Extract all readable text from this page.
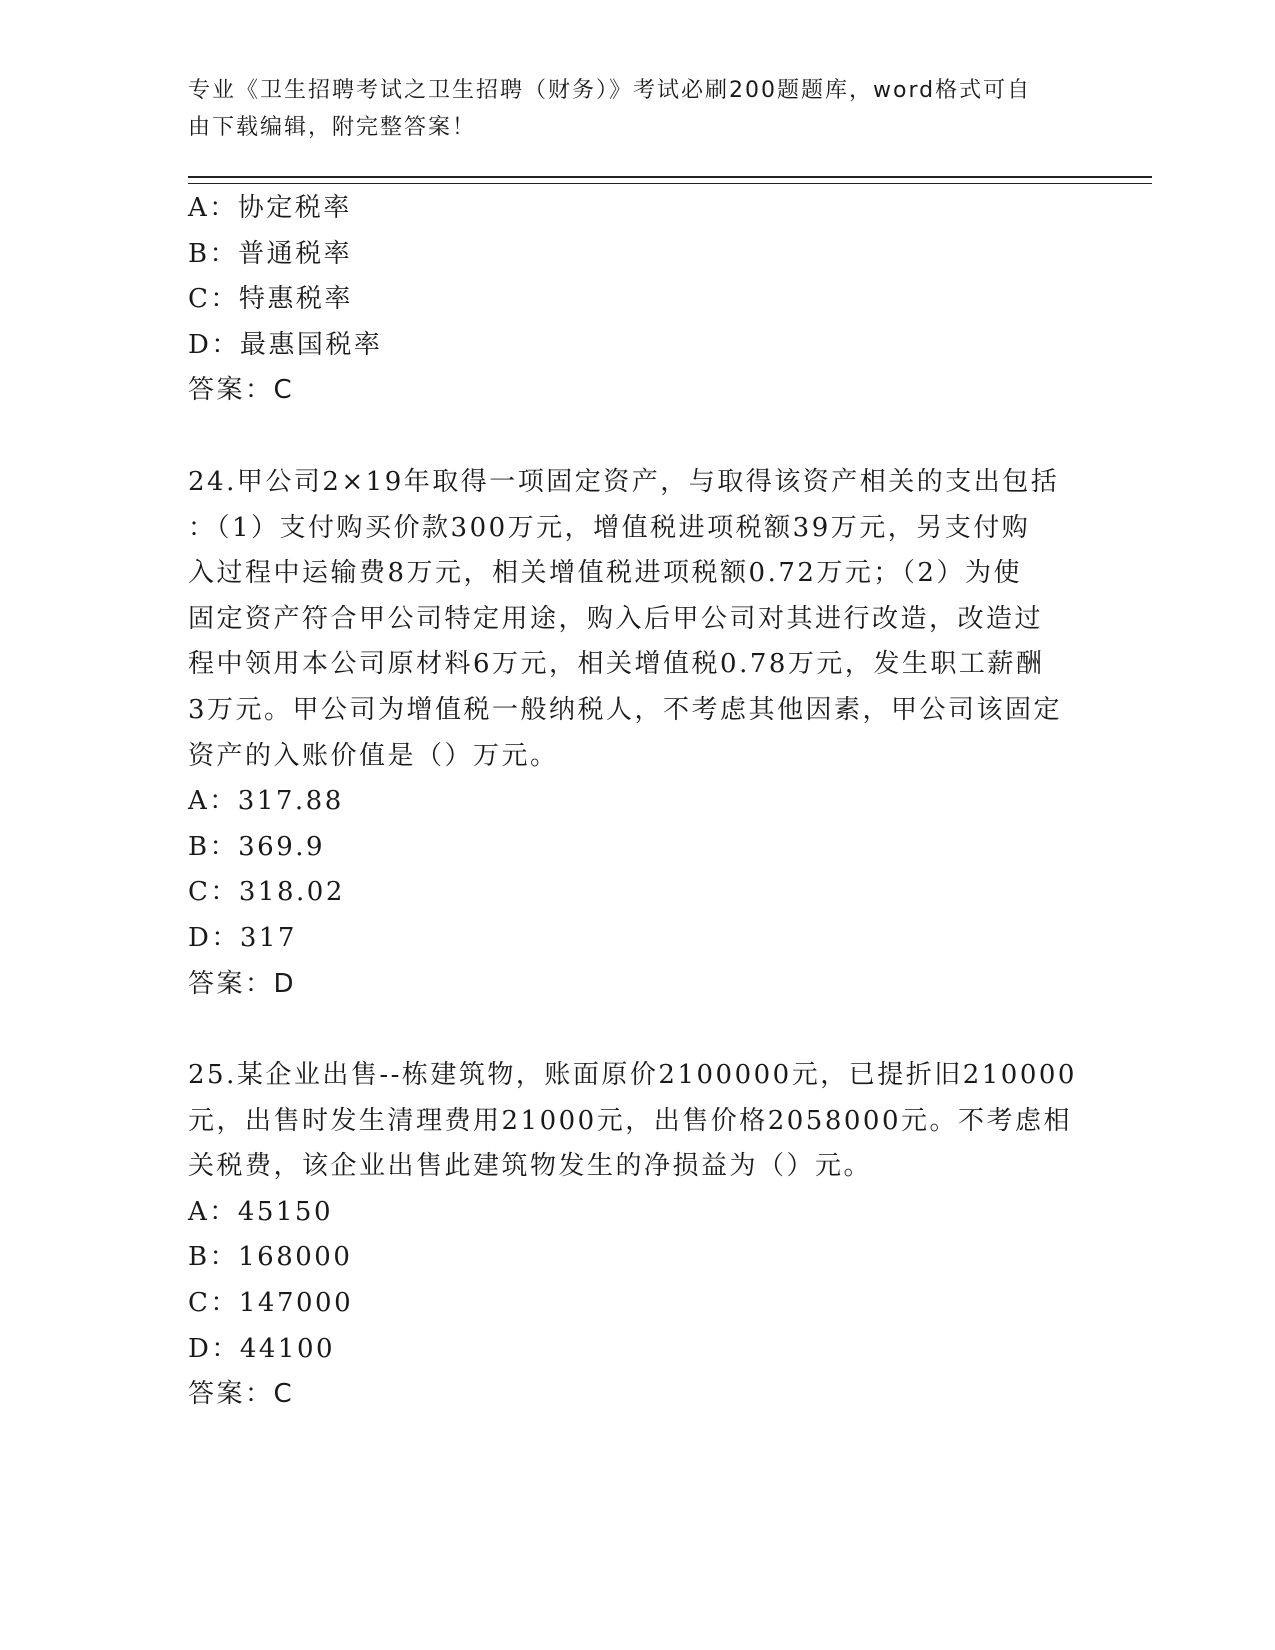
专业《卫生招聘考试之卫生招聘（财务）》考试必刷200题题库，word格式可自
由下载编辑，附完整答案！
A：协定税率
B：普通税率
C：特惠税率
D：最惠国税率
答案：C
24.甲公司2×19年取得一项固定资产，与取得该资产相关的支出包括
：（1）支付购买价款300万元，增值税进项税额39万元，另支付购
入过程中运输费8万元，相关增值税进项税额0.72万元；（2）为使
固定资产符合甲公司特定用途，购入后甲公司对其进行改造，改造过
程中领用本公司原材料6万元，相关增值税0.78万元，发生职工薪酬
3万元。甲公司为增值税一般纳税人，不考虑其他因素，甲公司该固定
资产的入账价值是（）万元。
A：317.88
B：369.9
C：318.02
D：317
答案：D
25.某企业出售--栋建筑物，账面原价2100000元，已提折旧210000
元，出售时发生清理费用21000元，出售价格2058000元。不考虑相
关税费，该企业出售此建筑物发生的净损益为（）元。
A：45150
B：168000
C：147000
D：44100
答案：C
